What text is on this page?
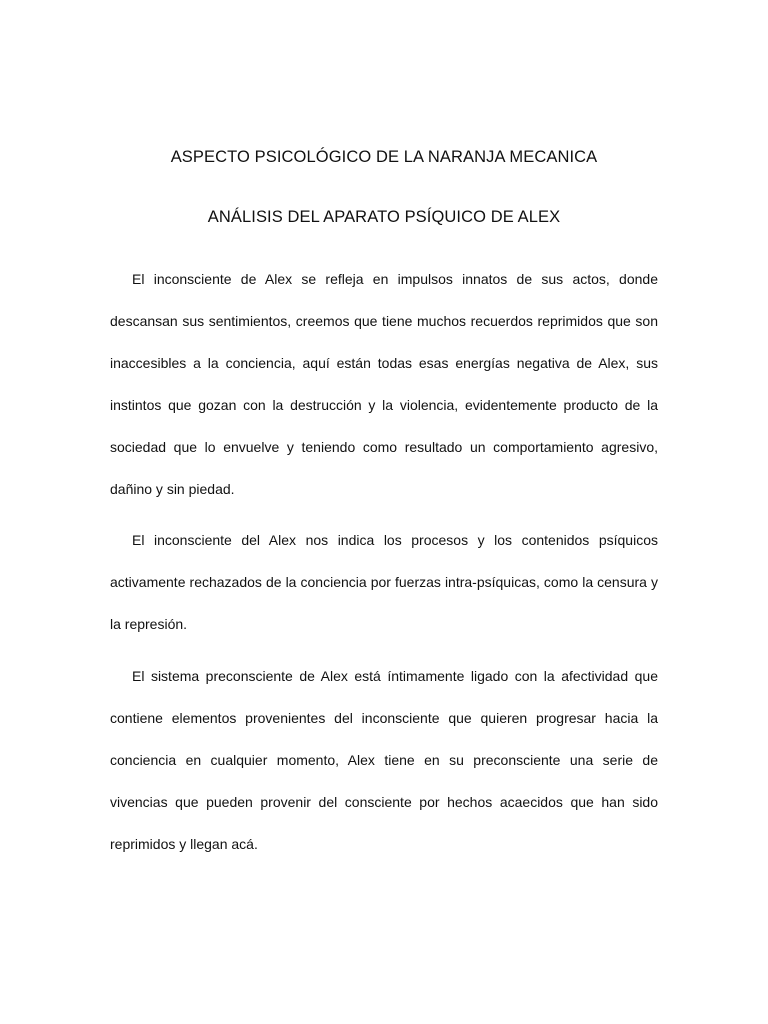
ASPECTO PSICOLÓGICO DE LA NARANJA MECANICA
ANÁLISIS DEL APARATO PSÍQUICO DE ALEX

El inconsciente de Alex se refleja en impulsos innatos de sus actos, donde descansan sus sentimientos, creemos que tiene muchos recuerdos reprimidos que son inaccesibles a la conciencia, aquí están todas esas energías negativa de Alex, sus instintos que gozan con la destrucción y la violencia, evidentemente producto de la sociedad que lo envuelve y teniendo como resultado un comportamiento agresivo, dañino y sin piedad.

El inconsciente del Alex nos indica los procesos y los contenidos psíquicos activamente rechazados de la conciencia por fuerzas intra-psíquicas, como la censura y la represión.

El sistema preconsciente de Alex está íntimamente ligado con la afectividad que contiene elementos provenientes del inconsciente que quieren progresar hacia la conciencia en cualquier momento, Alex tiene en su preconsciente una serie de vivencias que pueden provenir del consciente por hechos acaecidos que han sido reprimidos y llegan acá.
